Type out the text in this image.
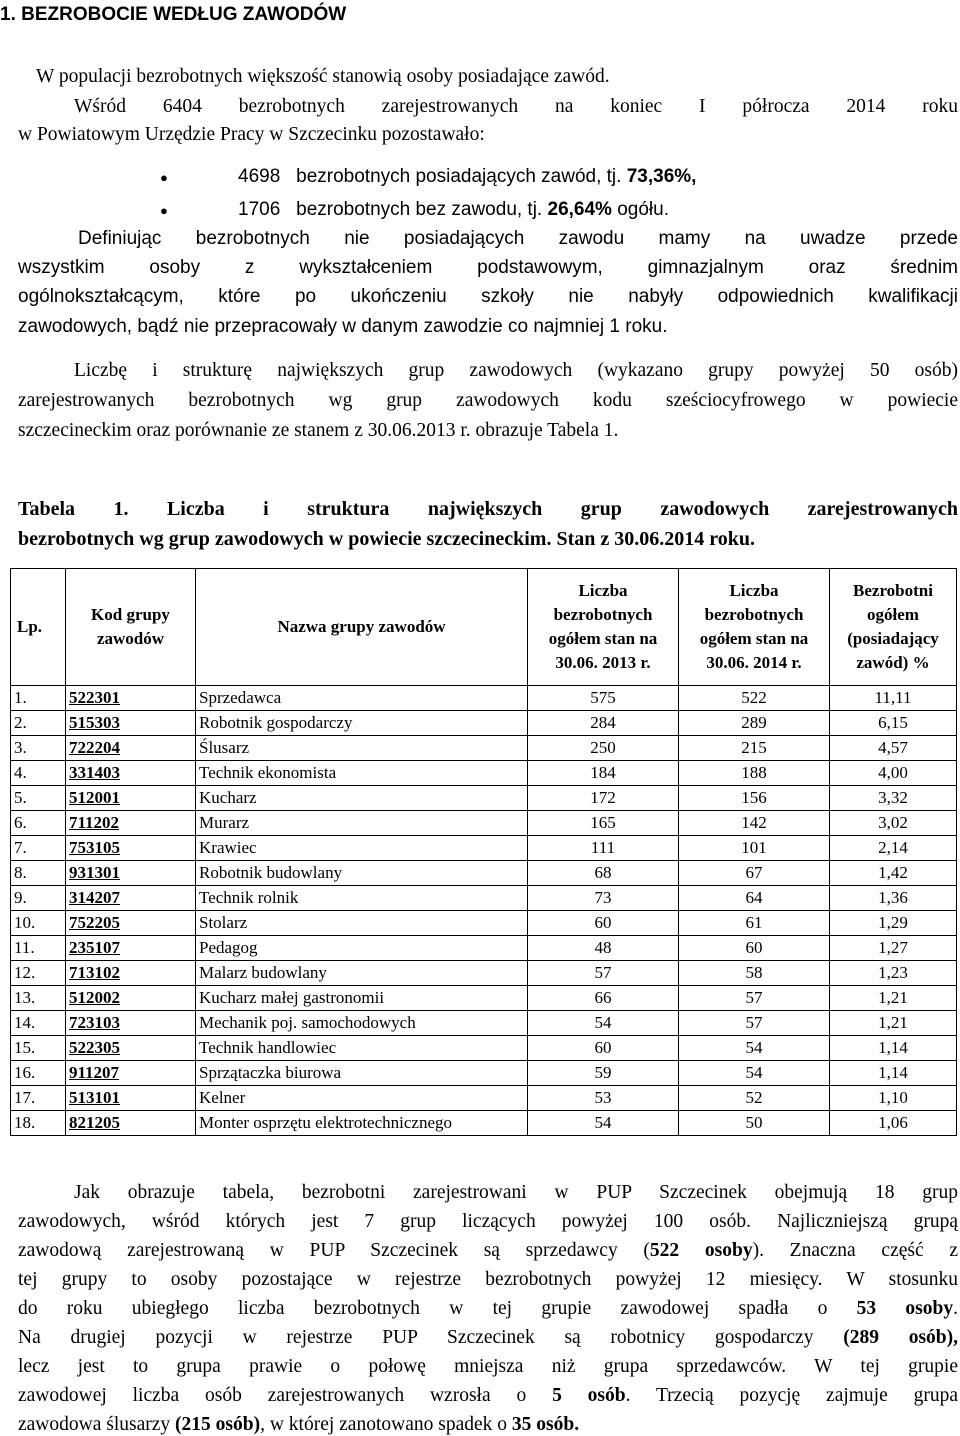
1. BEZROBOCIE WEDŁUG ZAWODÓW
W populacji bezrobotnych większość stanowią osoby posiadające zawód.
Wśród 6404 bezrobotnych zarejestrowanych na koniec I półrocza 2014 roku
w Powiatowym Urzędzie Pracy w Szczecinku pozostawało:
●	4698 bezrobotnych posiadających zawód, tj. 73,36%,
●	1706 bezrobotnych bez zawodu, tj. 26,64% ogółu.
Definiując bezrobotnych nie posiadających zawodu mamy na uwadze przede
wszystkim osoby z wykształceniem podstawowym, gimnazjalnym oraz średnim
ogólnokształcącym, które po ukończeniu szkoły nie nabyły odpowiednich kwalifikacji
zawodowych, bądź nie przepracowały w danym zawodzie co najmniej 1 roku.
Liczbę i strukturę największych grup zawodowych (wykazano grupy powyżej 50 osób)
zarejestrowanych bezrobotnych wg grup zawodowych kodu sześciocyfrowego w powiecie
szczecineckim oraz porównanie ze stanem z 30.06.2013 r. obrazuje Tabela 1.
Tabela 1. Liczba i struktura największych grup zawodowych zarejestrowanych
bezrobotnych wg grup zawodowych w powiecie szczecineckim. Stan z 30.06.2014 roku.
Lp.	Kod grupy zawodów	Nazwa grupy zawodów	Liczba bezrobotnych ogółem stan na 30.06. 2013 r.	Liczba bezrobotnych ogółem stan na 30.06. 2014 r.	Bezrobotni ogółem (posiadający zawód) %

1.	522301	Sprzedawca	575	522	11,11
2.	515303	Robotnik gospodarczy	284	289	6,15
3.	722204	Ślusarz	250	215	4,57
4.	331403	Technik ekonomista	184	188	4,00
5.	512001	Kucharz	172	156	3,32
6.	711202	Murarz	165	142	3,02
7.	753105	Krawiec	111	101	2,14
8.	931301	Robotnik budowlany	68	67	1,42
9.	314207	Technik rolnik	73	64	1,36
10.	752205	Stolarz	60	61	1,29
11.	235107	Pedagog	48	60	1,27
12.	713102	Malarz budowlany	57	58	1,23
13.	512002	Kucharz małej gastronomii	66	57	1,21
14.	723103	Mechanik poj. samochodowych	54	57	1,21
15.	522305	Technik handlowiec	60	54	1,14
16.	911207	Sprzątaczka biurowa	59	54	1,14
17.	513101	Kelner	53	52	1,10
18.	821205	Monter osprzętu elektrotechnicznego	54	50	1,06
Jak obrazuje tabela, bezrobotni zarejestrowani w PUP Szczecinek obejmują 18 grup
zawodowych, wśród których jest 7 grup liczących powyżej 100 osób. Najliczniejszą grupą
zawodową zarejestrowaną w PUP Szczecinek są sprzedawcy (522 osoby). Znaczna część z
tej grupy to osoby pozostające w rejestrze bezrobotnych powyżej 12 miesięcy. W stosunku
do roku ubiegłego liczba bezrobotnych w tej grupie zawodowej spadła o 53 osoby.
Na drugiej pozycji w rejestrze PUP Szczecinek są robotnicy gospodarczy (289 osób),
lecz jest to grupa prawie o połowę mniejsza niż grupa sprzedawców. W tej grupie
zawodowej liczba osób zarejestrowanych wzrosła o 5 osób. Trzecią pozycję zajmuje grupa
zawodowa ślusarzy (215 osób), w której zanotowano spadek o 35 osób.
